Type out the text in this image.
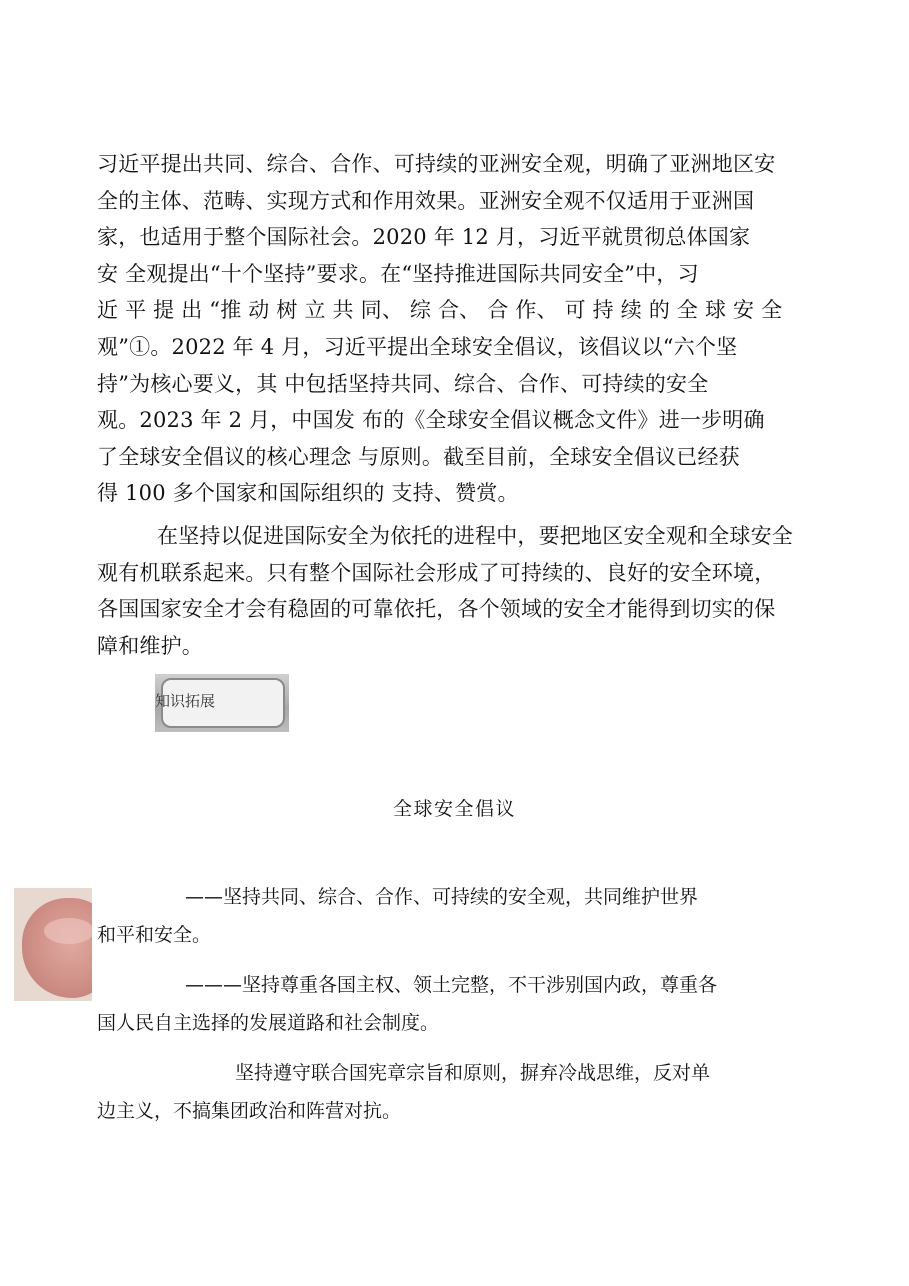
习近平提出共同、综合、合作、可持续的亚洲安全观，明确了亚洲地区安
全的主体、范畴、实现方式和作用效果。亚洲安全观不仅适用于亚洲国
家，也适用于整个国际社会。2020 年 12 月，习近平就贯彻总体国家
安 全观提出“十个坚持”要求。在“坚持推进国际共同安全”中，习
近 平 提 出 “推 动 树 立 共 同、 综 合、 合 作、 可 持 续 的 全 球 安 全
观”①。2022 年 4 月，习近平提出全球安全倡议，该倡议以“六个坚
持”为核心要义，其 中包括坚持共同、综合、合作、可持续的安全
观。2023 年 2 月，中国发 布的《全球安全倡议概念文件》进一步明确
了全球安全倡议的核心理念 与原则。截至目前，全球安全倡议已经获
得 100 多个国家和国际组织的 支持、赞赏。
在坚持以促进国际安全为依托的进程中，要把地区安全观和全球安全
观有机联系起来。只有整个国际社会形成了可持续的、良好的安全环境，
各国国家安全才会有稳固的可靠依托，各个领域的安全才能得到切实的保
障和维护。
知识拓展
全球安全倡议
——坚持共同、综合、合作、可持续的安全观，共同维护世界
和平和安全。
———坚持尊重各国主权、领土完整，不干涉别国内政，尊重各
国人民自主选择的发展道路和社会制度。
坚持遵守联合国宪章宗旨和原则，摒弃冷战思维，反对单
边主义，不搞集团政治和阵营对抗。
